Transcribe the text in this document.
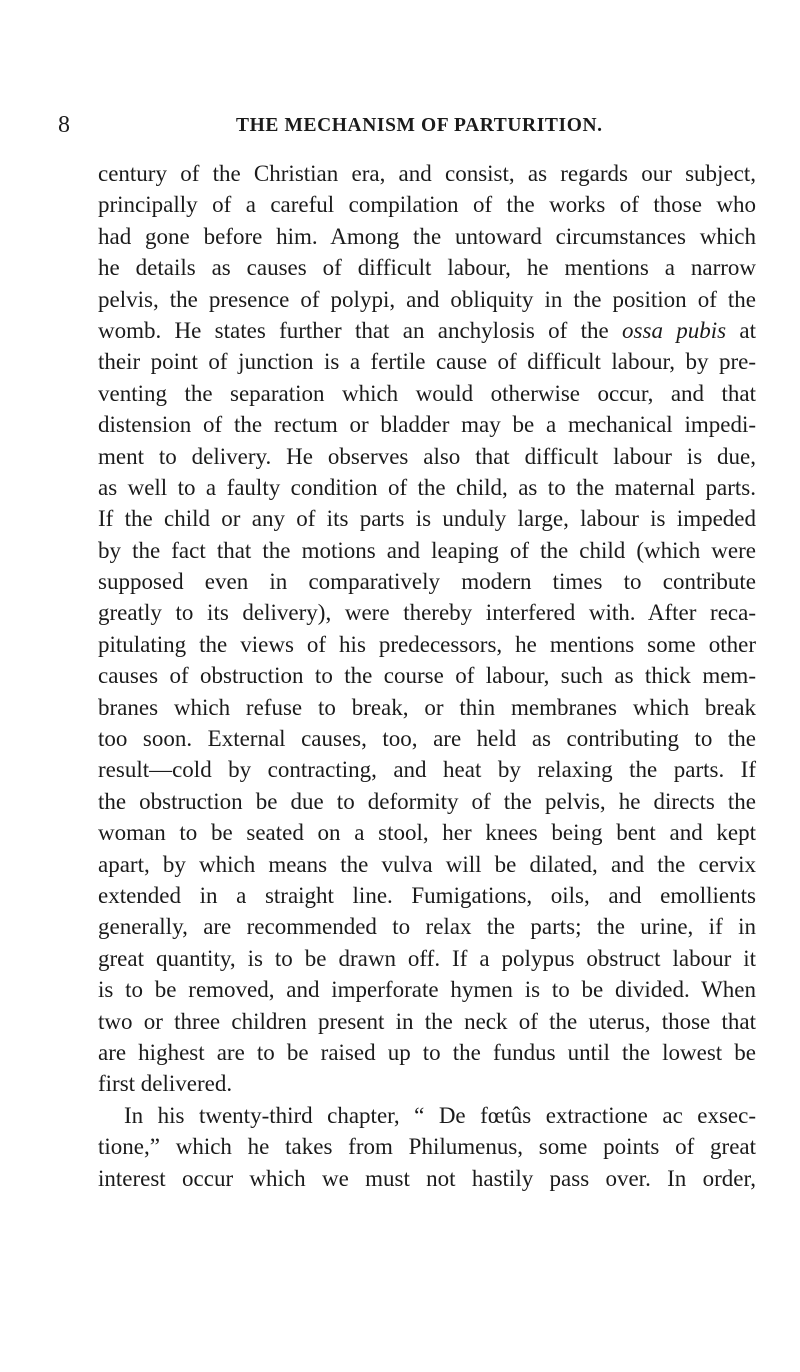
8	THE MECHANISM OF PARTURITION.
century of the Christian era, and consist, as regards our subject,
principally of a careful compilation of the works of those who
had gone before him. Among the untoward circumstances which
he details as causes of difficult labour, he mentions a narrow
pelvis, the presence of polypi, and obliquity in the position of the
womb. He states further that an anchylosis of the ossa pubis at
their point of junction is a fertile cause of difficult labour, by pre-
venting the separation which would otherwise occur, and that
distension of the rectum or bladder may be a mechanical impedi-
ment to delivery. He observes also that difficult labour is due,
as well to a faulty condition of the child, as to the maternal parts.
If the child or any of its parts is unduly large, labour is impeded
by the fact that the motions and leaping of the child (which were
supposed even in comparatively modern times to contribute
greatly to its delivery), were thereby interfered with. After reca-
pitulating the views of his predecessors, he mentions some other
causes of obstruction to the course of labour, such as thick mem-
branes which refuse to break, or thin membranes which break
too soon. External causes, too, are held as contributing to the
result—cold by contracting, and heat by relaxing the parts. If
the obstruction be due to deformity of the pelvis, he directs the
woman to be seated on a stool, her knees being bent and kept
apart, by which means the vulva will be dilated, and the cervix
extended in a straight line. Fumigations, oils, and emollients
generally, are recommended to relax the parts; the urine, if in
great quantity, is to be drawn off. If a polypus obstruct labour it
is to be removed, and imperforate hymen is to be divided. When
two or three children present in the neck of the uterus, those that
are highest are to be raised up to the fundus until the lowest be
first delivered.
In his twenty-third chapter, “ De fœtûs extractione ac exsec-
tione,” which he takes from Philumenus, some points of great
interest occur which we must not hastily pass over. In order,
